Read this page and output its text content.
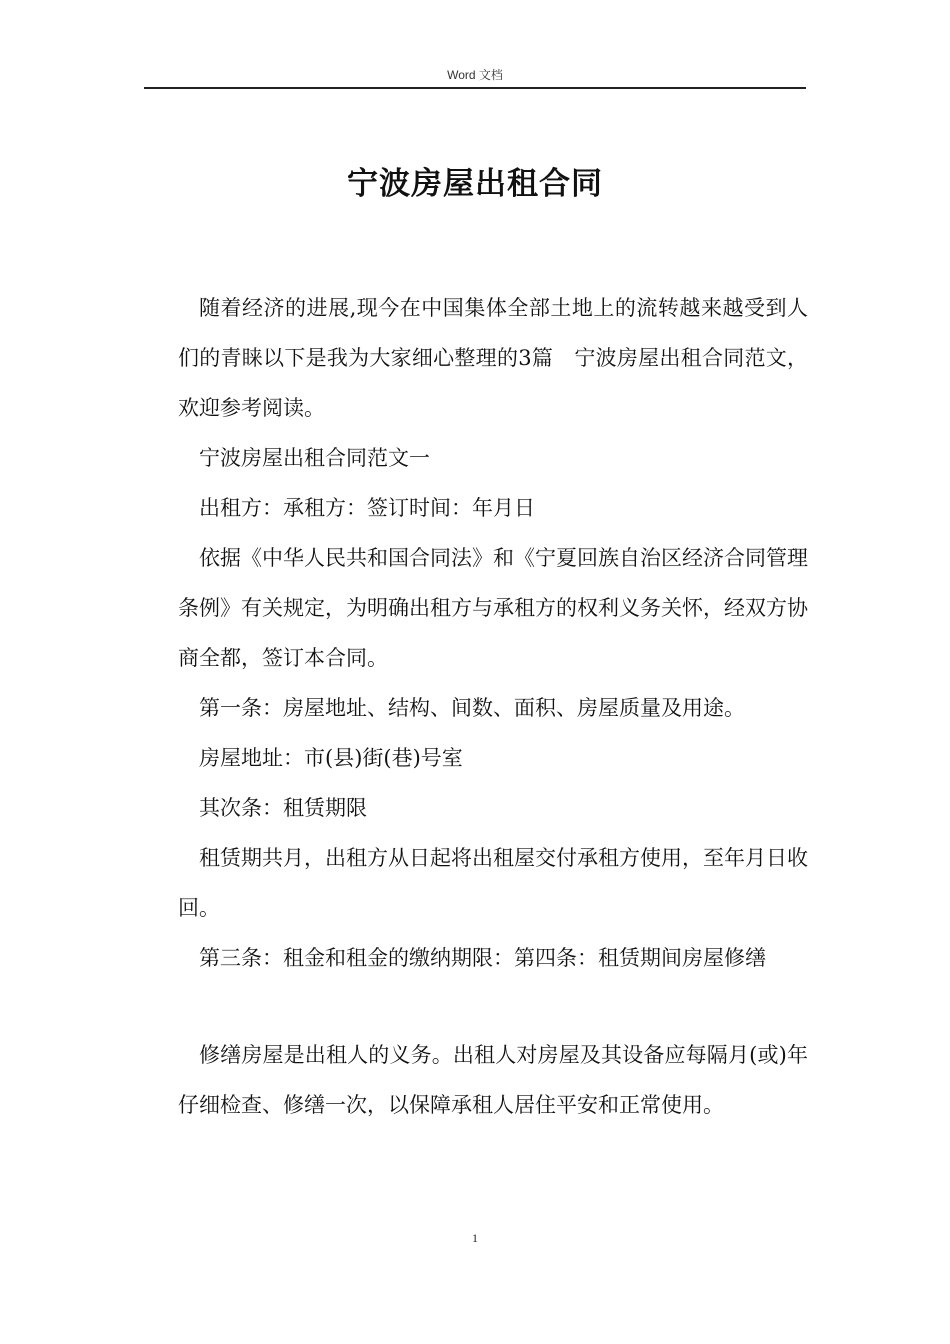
Word 文档
宁波房屋出租合同

随着经济的进展,现今在中国集体全部土地上的流转越来越受到人们的青睐以下是我为大家细心整理的3篇　宁波房屋出租合同范文，欢迎参考阅读。

宁波房屋出租合同范文一

出租方：承租方：签订时间：年月日

依据《中华人民共和国合同法》和《宁夏回族自治区经济合同管理条例》有关规定，为明确出租方与承租方的权利义务关怀，经双方协商全都，签订本合同。

第一条：房屋地址、结构、间数、面积、房屋质量及用途。

房屋地址：市(县)街(巷)号室

其次条：租赁期限

租赁期共月，出租方从日起将出租屋交付承租方使用，至年月日收回。

第三条：租金和租金的缴纳期限：第四条：租赁期间房屋修缮

修缮房屋是出租人的义务。出租人对房屋及其设备应每隔月(或)年仔细检查、修缮一次，以保障承租人居住平安和正常使用。

1
